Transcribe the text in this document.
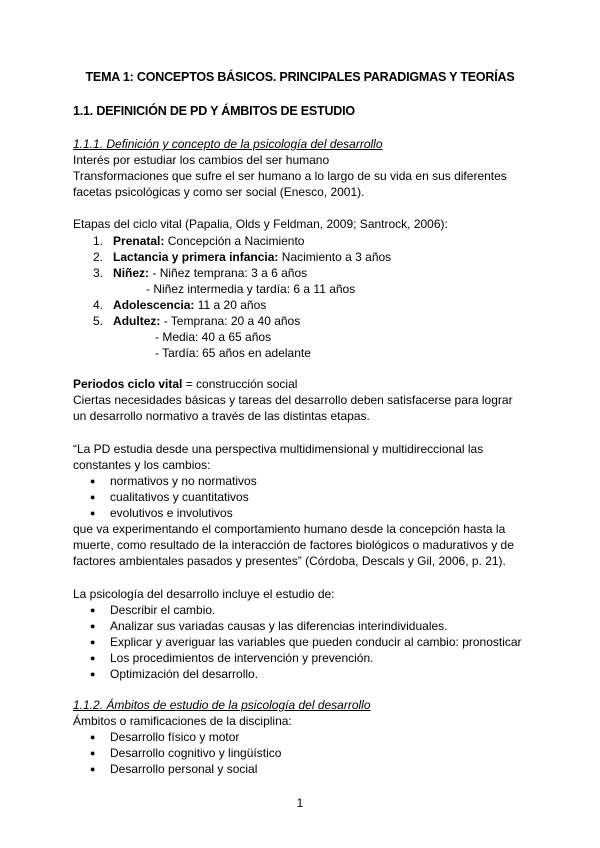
TEMA 1: CONCEPTOS BÁSICOS. PRINCIPALES PARADIGMAS Y TEORÍAS
1.1. DEFINICIÓN DE PD Y ÁMBITOS DE ESTUDIO
1.1.1. Definición y concepto de la psicología del desarrollo
Interés por estudiar los cambios del ser humano
Transformaciones que sufre el ser humano a lo largo de su vida en sus diferentes
facetas psicológicas y como ser social (Enesco, 2001).
Etapas del ciclo vital (Papalia, Olds y Feldman, 2009; Santrock, 2006):
1. Prenatal: Concepción a Nacimiento
2. Lactancia y primera infancia: Nacimiento a 3 años
3. Niñez: - Niñez temprana: 3 a 6 años
- Niñez intermedia y tardía: 6 a 11 años
4. Adolescencia: 11 a 20 años
5. Adultez: - Temprana: 20 a 40 años
- Media: 40 a 65 años
- Tardía: 65 años en adelante
Periodos ciclo vital = construcción social
Ciertas necesidades básicas y tareas del desarrollo deben satisfacerse para lograr
un desarrollo normativo a través de las distintas etapas.
“La PD estudia desde una perspectiva multidimensional y multidireccional las
constantes y los cambios:
● normativos y no normativos
● cualitativos y cuantitativos
● evolutivos e involutivos
que va experimentando el comportamiento humano desde la concepción hasta la
muerte, como resultado de la interacción de factores biológicos o madurativos y de
factores ambientales pasados y presentes” (Córdoba, Descals y Gil, 2006, p. 21).
La psicología del desarrollo incluye el estudio de:
● Describir el cambio.
● Analizar sus variadas causas y las diferencias interindividuales.
● Explicar y averiguar las variables que pueden conducir al cambio: pronosticar
● Los procedimientos de intervención y prevención.
● Optimización del desarrollo.
1.1.2. Ámbitos de estudio de la psicología del desarrollo
Ámbitos o ramificaciones de la disciplina:
● Desarrollo físico y motor
● Desarrollo cognitivo y lingüístico
● Desarrollo personal y social
1
